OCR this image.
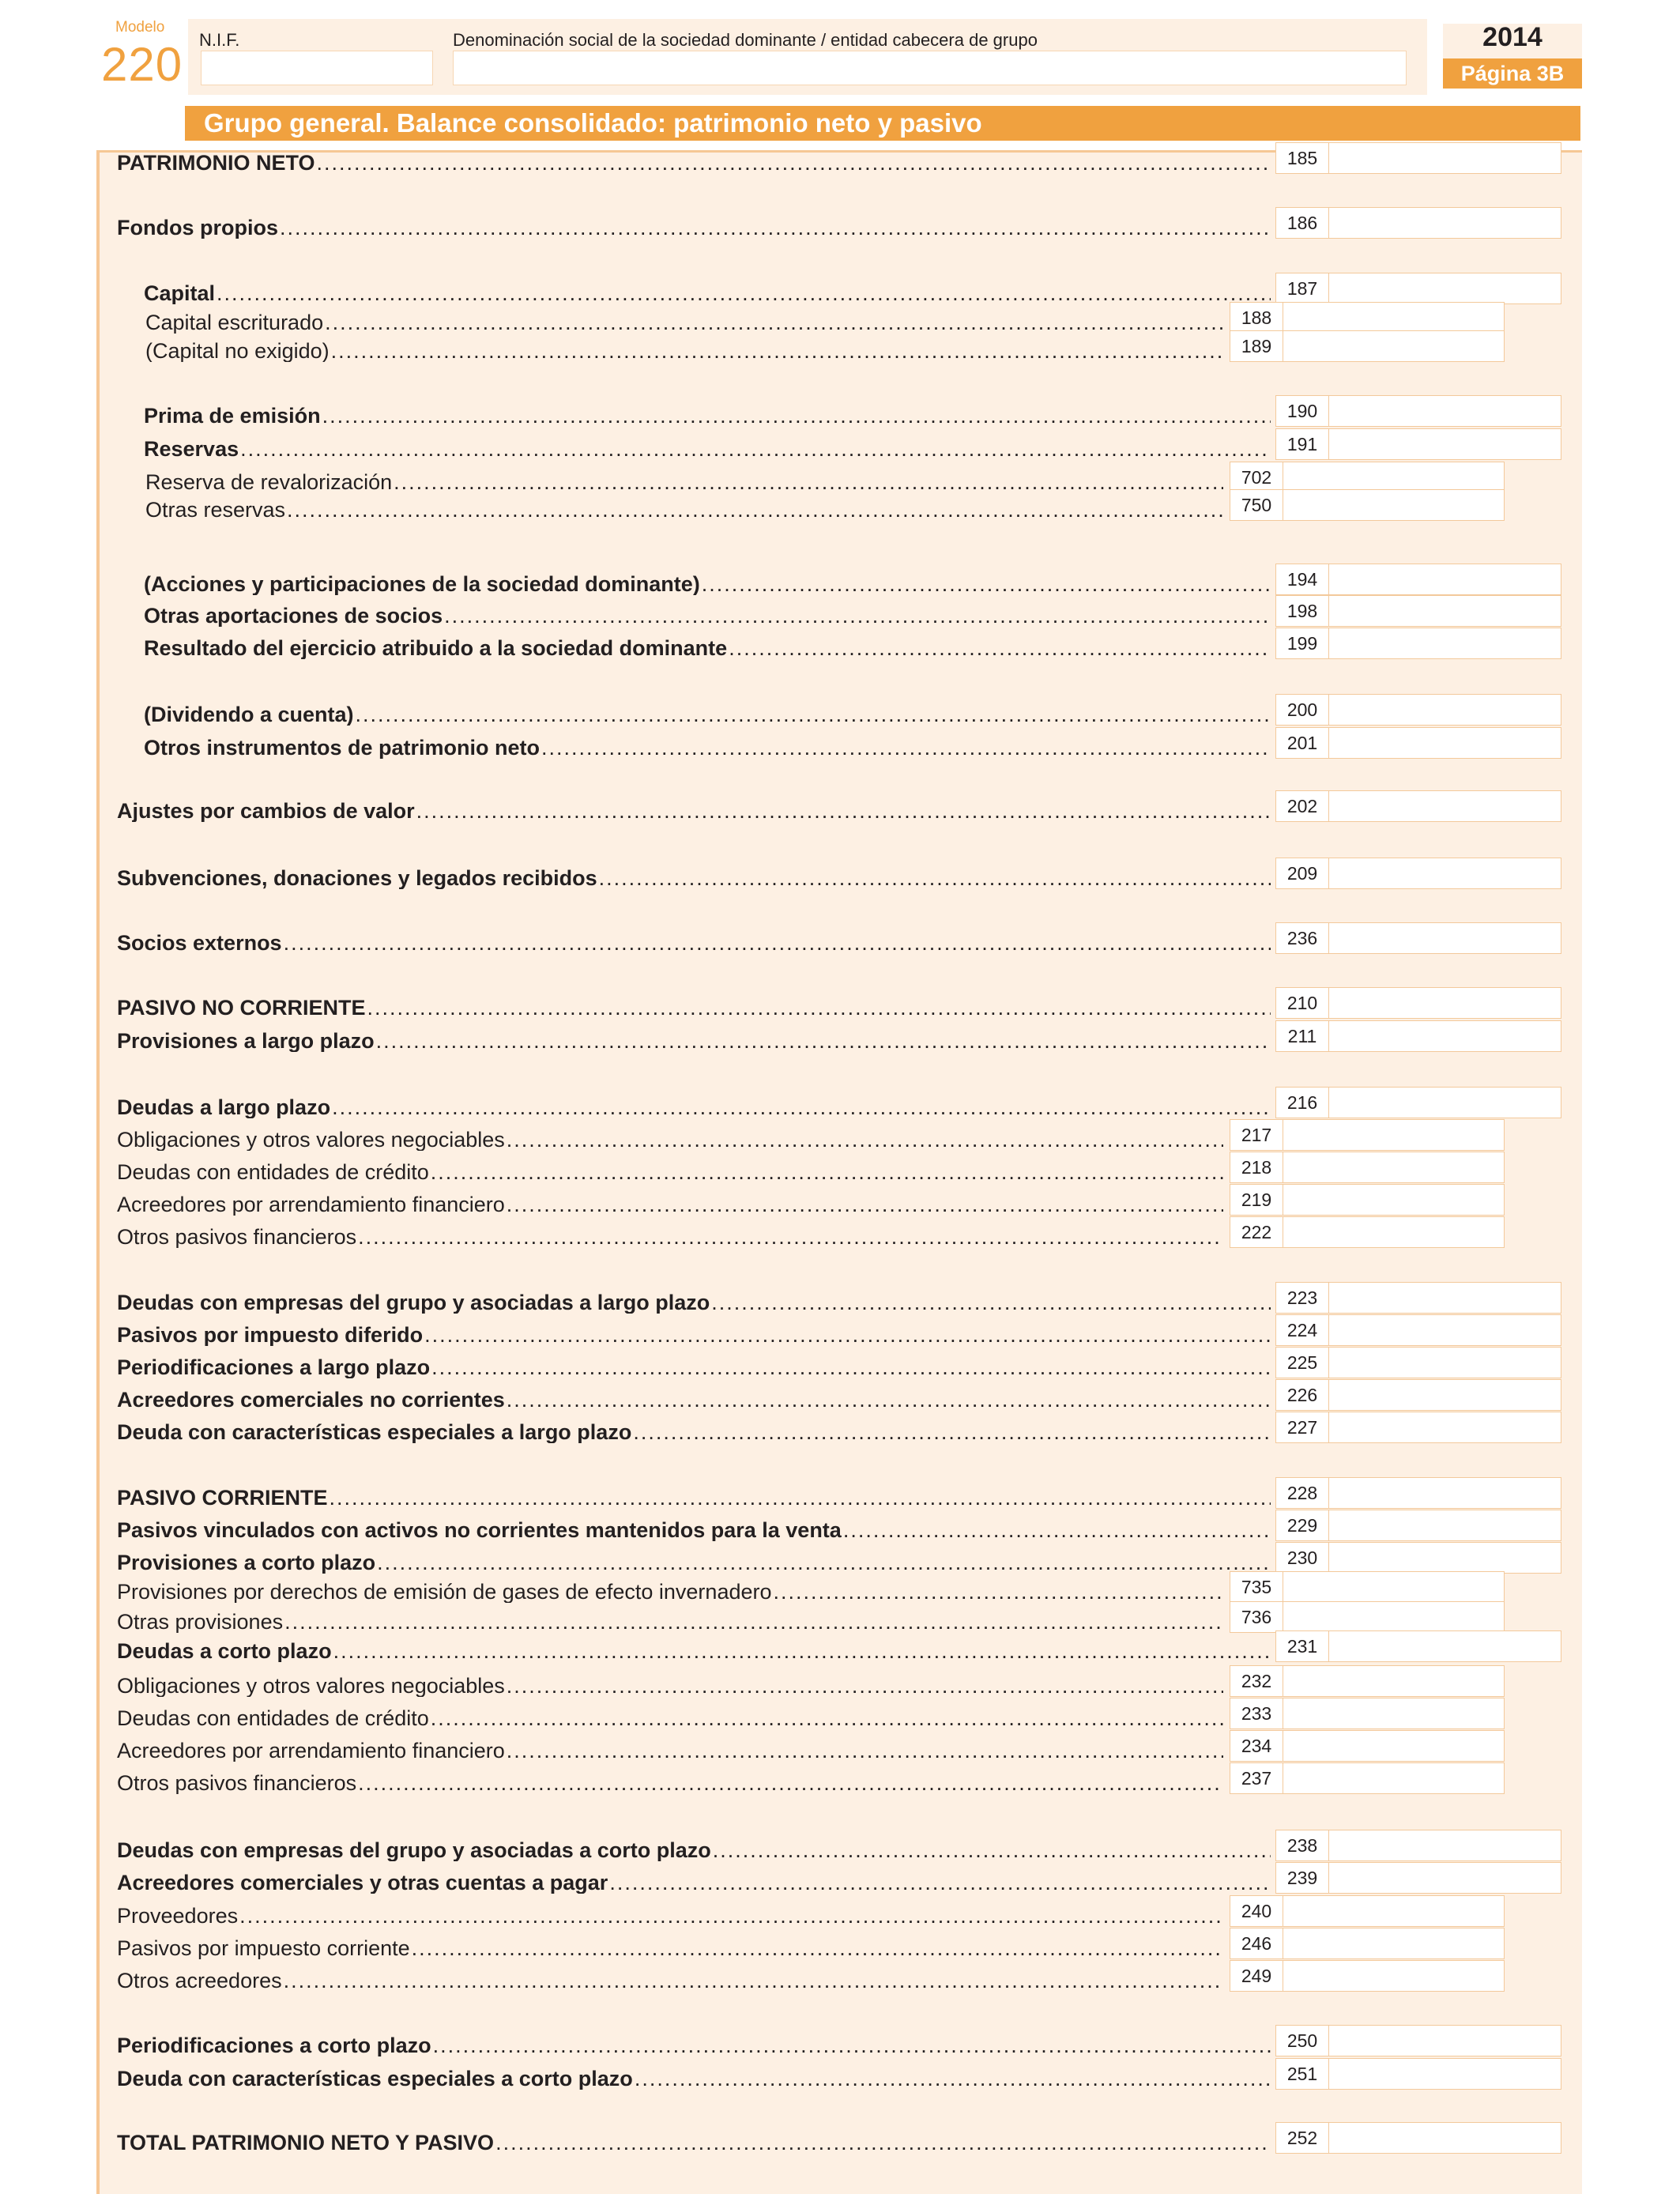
Modelo
220 N.I.F.	Denominación social de la sociedad dominante / entidad cabecera de grupo	2014
Página 3B
Grupo general. Balance consolidado: patrimonio neto y pasivo
PATRIMONIO NETO .....	185
Fondos propios .....	186
Capital .....	187
Capital escriturado .....	188
(Capital no exigido) .....	189
Prima de emisión .....	190
Reservas .....	191
Reserva de revalorización .....	702
Otras reservas .....	750
(Acciones y participaciones de la sociedad dominante) .....	194
Otras aportaciones de socios .....	198
Resultado del ejercicio atribuido a la sociedad dominante .....	199
(Dividendo a cuenta) .....	200
Otros instrumentos de patrimonio neto .....	201
Ajustes por cambios de valor .....	202
Subvenciones, donaciones y legados recibidos .....	209
Socios externos .....	236
PASIVO NO CORRIENTE .....	210
Provisiones a largo plazo .....	211
Deudas a largo plazo .....	216
Obligaciones y otros valores negociables .....	217
Deudas con entidades de crédito .....	218
Acreedores por arrendamiento financiero .....	219
Otros pasivos financieros .....	222
Deudas con empresas del grupo y asociadas a largo plazo .....	223
Pasivos por impuesto diferido .....	224
Periodificaciones a largo plazo .....	225
Acreedores comerciales no corrientes .....	226
Deuda con características especiales a largo plazo .....	227
PASIVO CORRIENTE .....	228
Pasivos vinculados con activos no corrientes mantenidos para la venta .....	229
Provisiones a corto plazo .....	230
Provisiones por derechos de emisión de gases de efecto invernadero .....	735
Otras provisiones .....	736
Deudas a corto plazo .....	231
Obligaciones y otros valores negociables .....	232
Deudas con entidades de crédito .....	233
Acreedores por arrendamiento financiero .....	234
Otros pasivos financieros .....	237
Deudas con empresas del grupo y asociadas a corto plazo .....	238
Acreedores comerciales y otras cuentas a pagar .....	239
Proveedores .....	240
Pasivos por impuesto corriente .....	246
Otros acreedores .....	249
Periodificaciones a corto plazo .....	250
Deuda con características especiales a corto plazo .....	251
TOTAL PATRIMONIO NETO Y PASIVO .....	252
